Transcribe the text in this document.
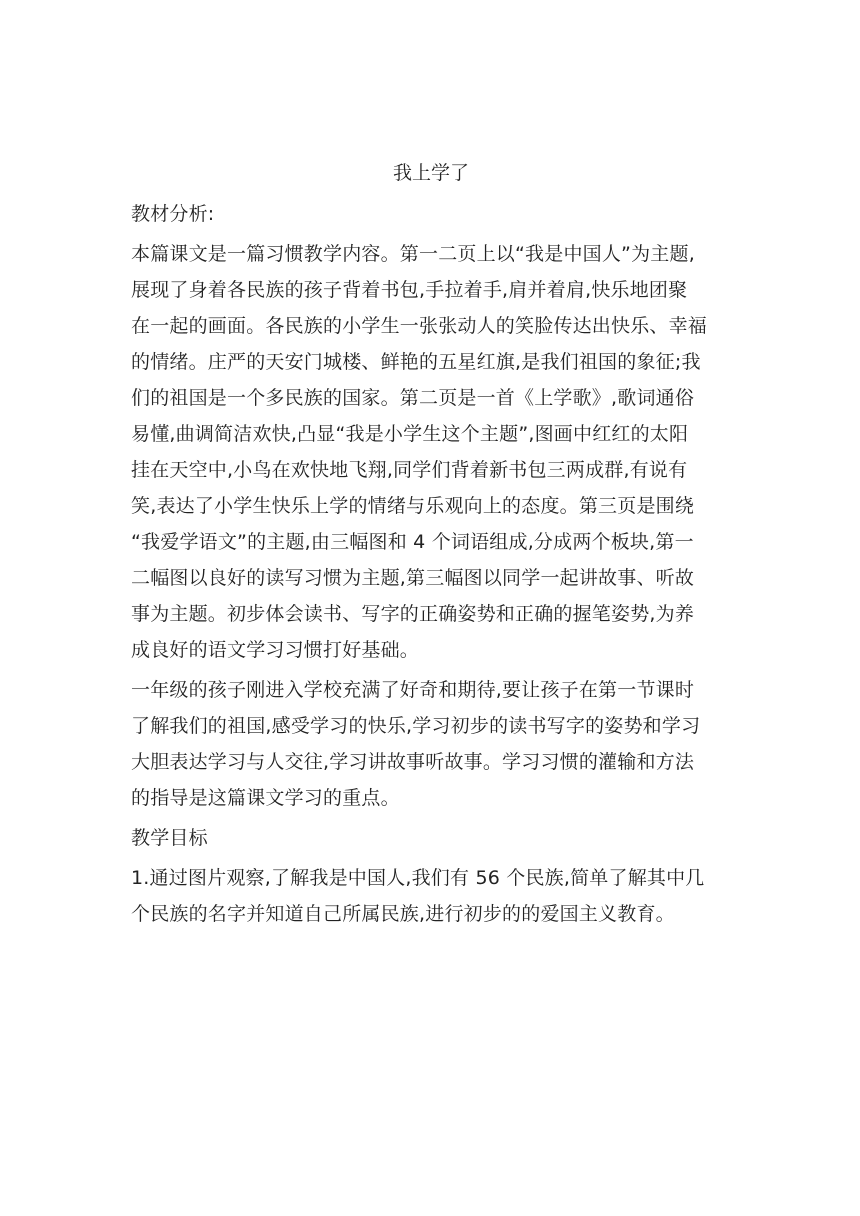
我上学了

教材分析:

本篇课文是一篇习惯教学内容。第一二页上以“我是中国人”为主题,

展现了身着各民族的孩子背着书包,手拉着手,肩并着肩,快乐地团聚

在一起的画面。各民族的小学生一张张动人的笑脸传达出快乐、幸福

的情绪。庄严的天安门城楼、鲜艳的五星红旗,是我们祖国的象征;我

们的祖国是一个多民族的国家。第二页是一首《上学歌》,歌词通俗

易懂,曲调简洁欢快,凸显“我是小学生这个主题”,图画中红红的太阳

挂在天空中,小鸟在欢快地飞翔,同学们背着新书包三两成群,有说有

笑,表达了小学生快乐上学的情绪与乐观向上的态度。第三页是围绕

“我爱学语文”的主题,由三幅图和 4 个词语组成,分成两个板块,第一

二幅图以良好的读写习惯为主题,第三幅图以同学一起讲故事、听故

事为主题。初步体会读书、写字的正确姿势和正确的握笔姿势,为养

成良好的语文学习习惯打好基础。

一年级的孩子刚进入学校充满了好奇和期待,要让孩子在第一节课时

了解我们的祖国,感受学习的快乐,学习初步的读书写字的姿势和学习

大胆表达学习与人交往,学习讲故事听故事。学习习惯的灌输和方法

的指导是这篇课文学习的重点。

教学目标

1.通过图片观察,了解我是中国人,我们有 56 个民族,简单了解其中几

个民族的名字并知道自己所属民族,进行初步的的爱国主义教育。
